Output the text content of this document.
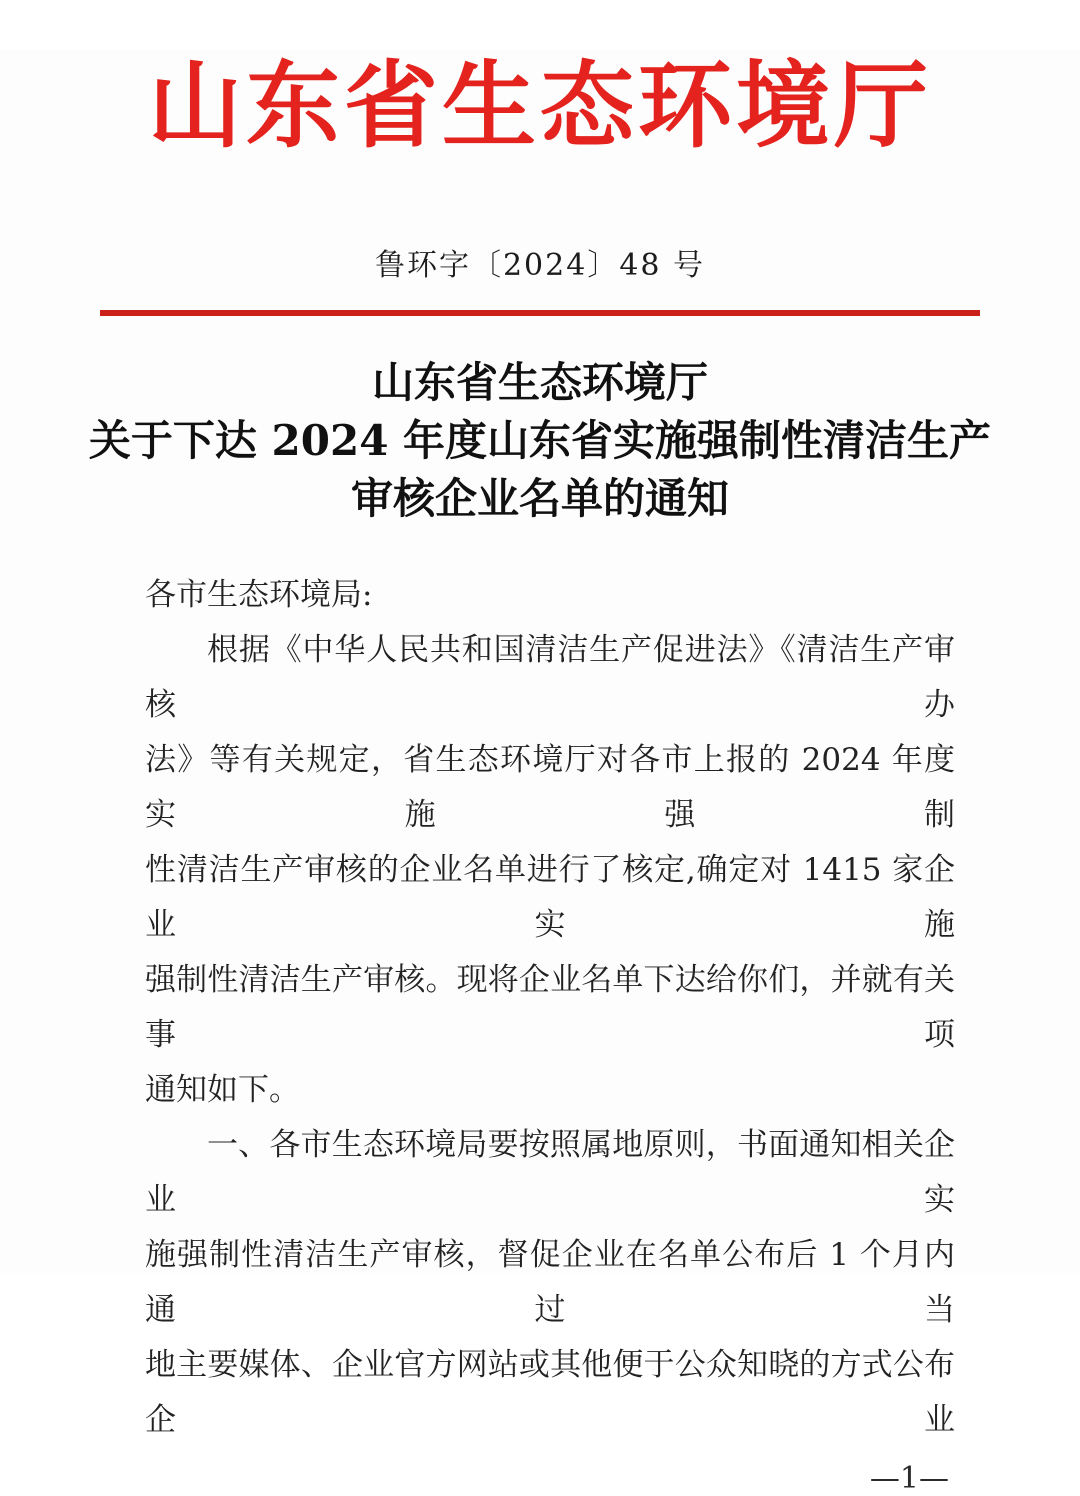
山东省生态环境厅
鲁环字〔2024〕48 号
山东省生态环境厅
关于下达 2024 年度山东省实施强制性清洁生产
审核企业名单的通知
各市生态环境局:
根据《中华人民共和国清洁生产促进法》《清洁生产审核办
法》等有关规定，省生态环境厅对各市上报的 2024 年度实施强制
性清洁生产审核的企业名单进行了核定,确定对 1415 家企业实施
强制性清洁生产审核。现将企业名单下达给你们，并就有关事项
通知如下。
一、各市生态环境局要按照属地原则，书面通知相关企业实
施强制性清洁生产审核，督促企业在名单公布后 1 个月内通过当
地主要媒体、企业官方网站或其他便于公众知晓的方式公布企业
—1—
